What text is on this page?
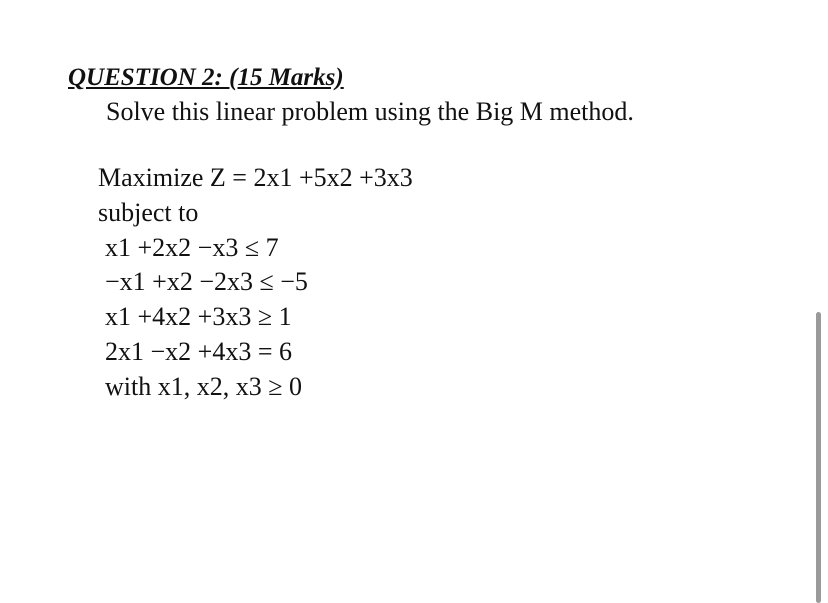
QUESTION 2: (15 Marks)
Solve this linear problem using the Big M method.
Maximize Z = 2x1 +5x2 +3x3
subject to
x1 +2x2 −x3 ≤ 7
−x1 +x2 −2x3 ≤ −5
x1 +4x2 +3x3 ≥ 1
2x1 −x2 +4x3 = 6
with x1, x2, x3 ≥ 0
